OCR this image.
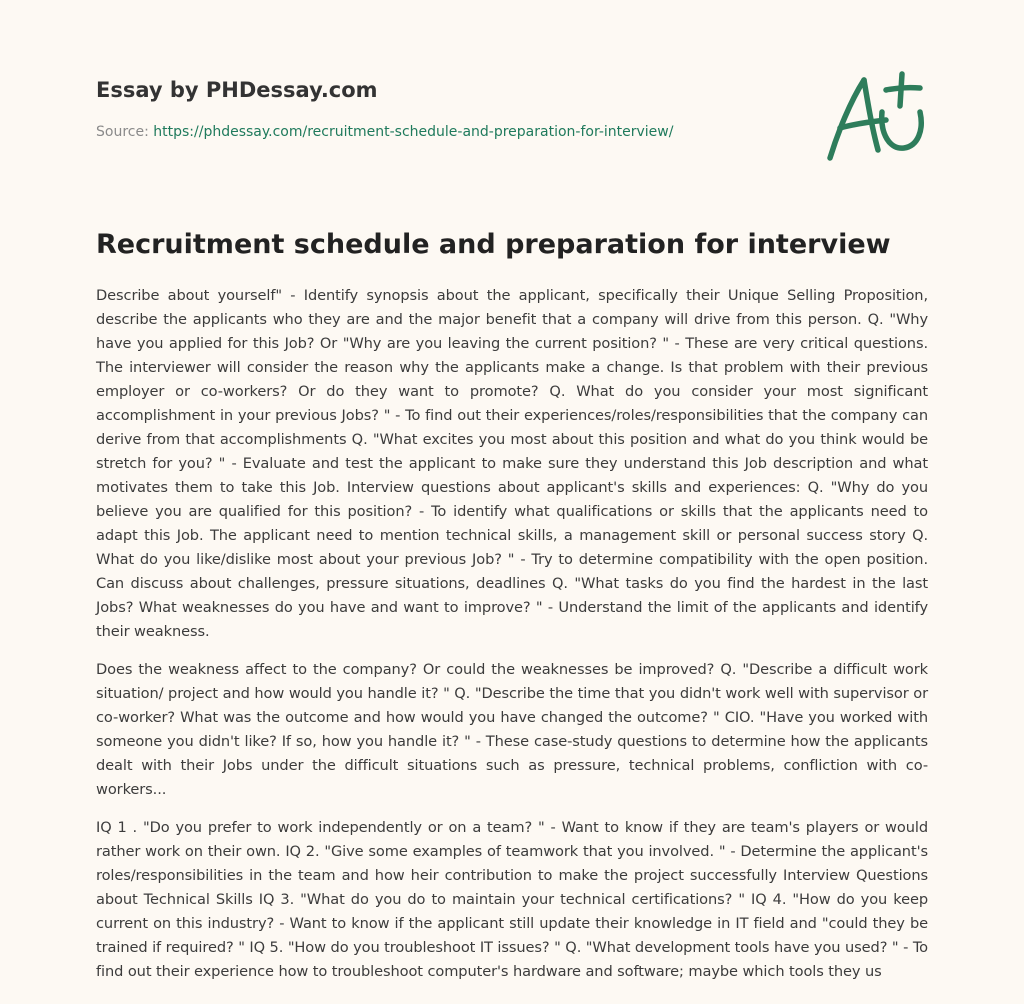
Essay by PHDessay.com
Source: https://phdessay.com/recruitment-schedule-and-preparation-for-interview/
Recruitment schedule and preparation for interview

Describe about yourself" - Identify synopsis about the applicant, specifically their Unique Selling Proposition, describe the applicants who they are and the major benefit that a company will drive from this person. Q. "Why have you applied for this Job? Or "Why are you leaving the current position? " - These are very critical questions. The interviewer will consider the reason why the applicants make a change. Is that problem with their previous employer or co-workers? Or do they want to promote? Q. What do you consider your most significant accomplishment in your previous Jobs? " - To find out their experiences/roles/responsibilities that the company can derive from that accomplishments Q. "What excites you most about this position and what do you think would be stretch for you? " - Evaluate and test the applicant to make sure they understand this Job description and what motivates them to take this Job. Interview questions about applicant's skills and experiences: Q. "Why do you believe you are qualified for this position? - To identify what qualifications or skills that the applicants need to adapt this Job. The applicant need to mention technical skills, a management skill or personal success story Q. What do you like/dislike most about your previous Job? " - Try to determine compatibility with the open position. Can discuss about challenges, pressure situations, deadlines Q. "What tasks do you find the hardest in the last Jobs? What weaknesses do you have and want to improve? " - Understand the limit of the applicants and identify their weakness.

Does the weakness affect to the company? Or could the weaknesses be improved? Q. "Describe a difficult work situation/ project and how would you handle it? " Q. "Describe the time that you didn't work well with supervisor or co-worker? What was the outcome and how would you have changed the outcome? " CIO. "Have you worked with someone you didn't like? If so, how you handle it? " - These case-study questions to determine how the applicants dealt with their Jobs under the difficult situations such as pressure, technical problems, confliction with co-workers...

IQ 1 . "Do you prefer to work independently or on a team? " - Want to know if they are team's players or would rather work on their own. IQ 2. "Give some examples of teamwork that you involved. " - Determine the applicant's roles/responsibilities in the team and how heir contribution to make the project successfully Interview Questions about Technical Skills IQ 3. "What do you do to maintain your technical certifications? " IQ 4. "How do you keep current on this industry? - Want to know if the applicant still update their knowledge in IT field and "could they be trained if required? " IQ 5. "How do you troubleshoot IT issues? " Q. "What development tools have you used? " - To find out their experience how to troubleshoot computer's hardware and software; maybe which tools they us
